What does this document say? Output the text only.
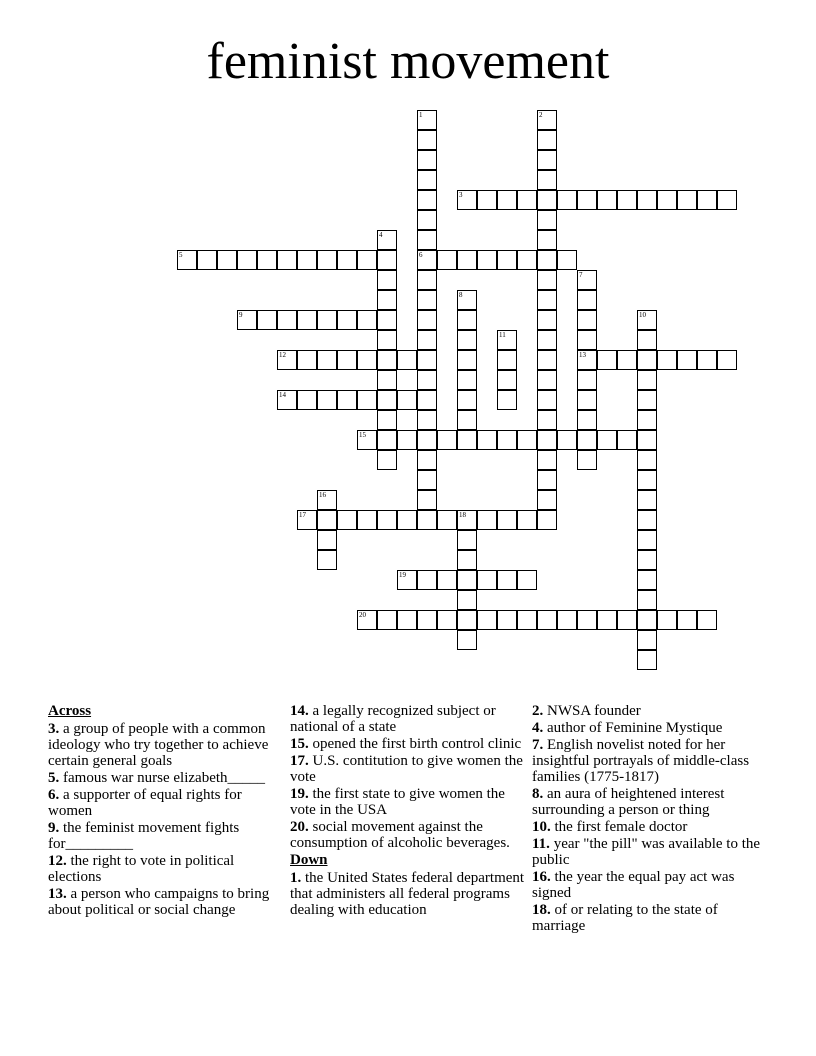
feminist movement
1
6
2
3
4
5
7
13
8
9	10
11
12
14
15
16
17	18
19
20
Across
3. a group of people with a common ideology who try together to achieve certain general goals
5. famous war nurse elizabeth_____
6. a supporter of equal rights for women
9. the feminist movement fights for_________
12. the right to vote in political elections
13. a person who campaigns to bring about political or social change
14. a legally recognized subject or national of a state
15. opened the first birth control clinic
17. U.S. contitution to give women the vote
19. the first state to give women the vote in the USA
20. social movement against the consumption of alcoholic beverages.
Down
1. the United States federal department that administers all federal programs dealing with education
2. NWSA founder
4. author of Feminine Mystique
7. English novelist noted for her insightful portrayals of middle-class families (1775-1817)
8. an aura of heightened interest surrounding a person or thing
10. the first female doctor
11. year "the pill" was available to the public
16. the year the equal pay act was signed
18. of or relating to the state of marriage
